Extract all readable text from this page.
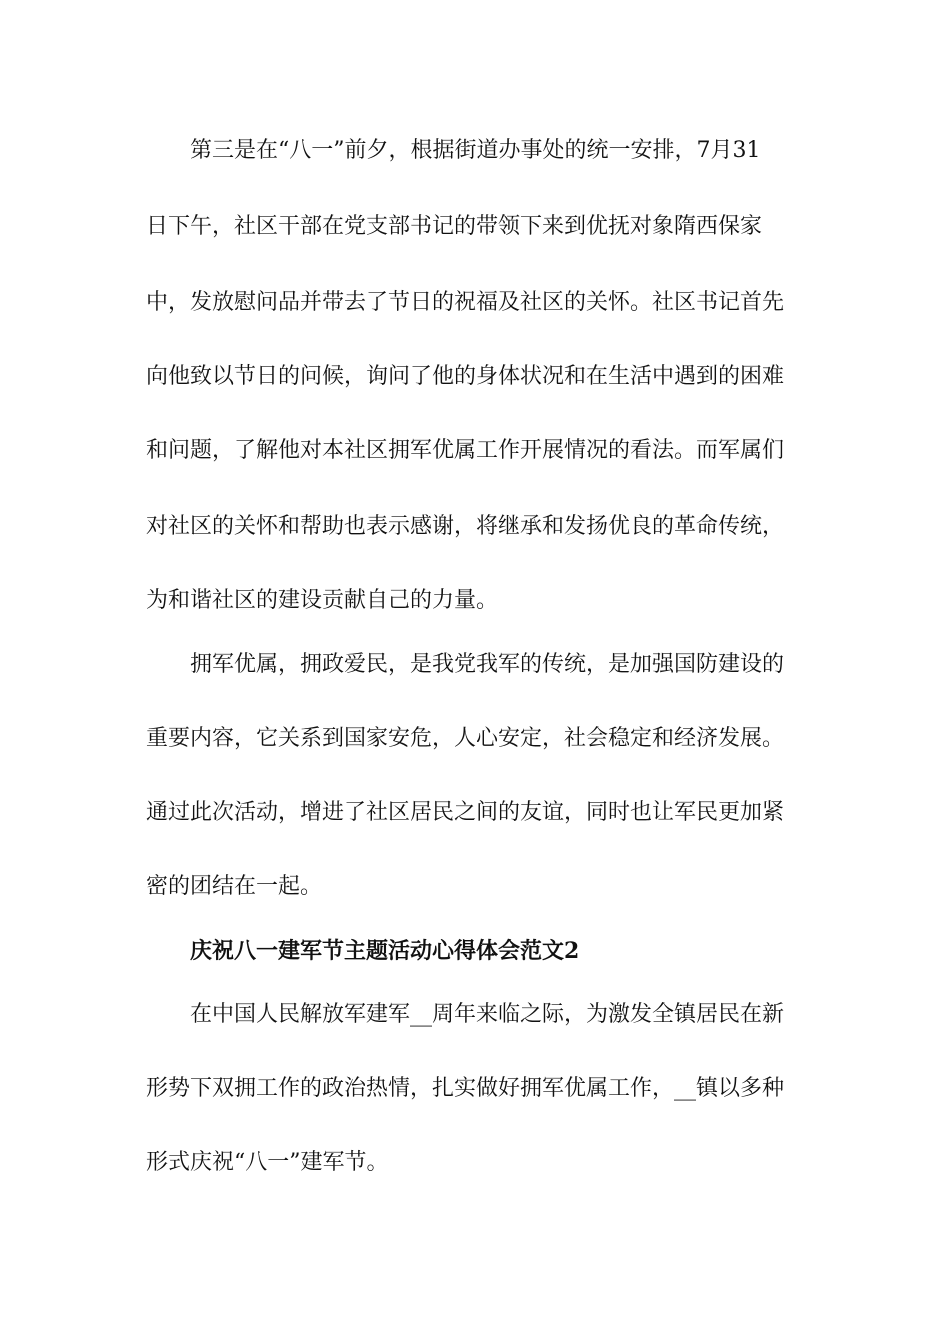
第三是在“八一”前夕，根据街道办事处的统一安排，7月31
日下午，社区干部在党支部书记的带领下来到优抚对象隋西保家
中，发放慰问品并带去了节日的祝福及社区的关怀。社区书记首先
向他致以节日的问候，询问了他的身体状况和在生活中遇到的困难
和问题，了解他对本社区拥军优属工作开展情况的看法。而军属们
对社区的关怀和帮助也表示感谢，将继承和发扬优良的革命传统，
为和谐社区的建设贡献自己的力量。
拥军优属，拥政爱民，是我党我军的传统，是加强国防建设的
重要内容，它关系到国家安危，人心安定，社会稳定和经济发展。
通过此次活动，增进了社区居民之间的友谊，同时也让军民更加紧
密的团结在一起。
庆祝八一建军节主题活动心得体会范文2
在中国人民解放军建军__周年来临之际，为激发全镇居民在新
形势下双拥工作的政治热情，扎实做好拥军优属工作，__镇以多种
形式庆祝“八一”建军节。
